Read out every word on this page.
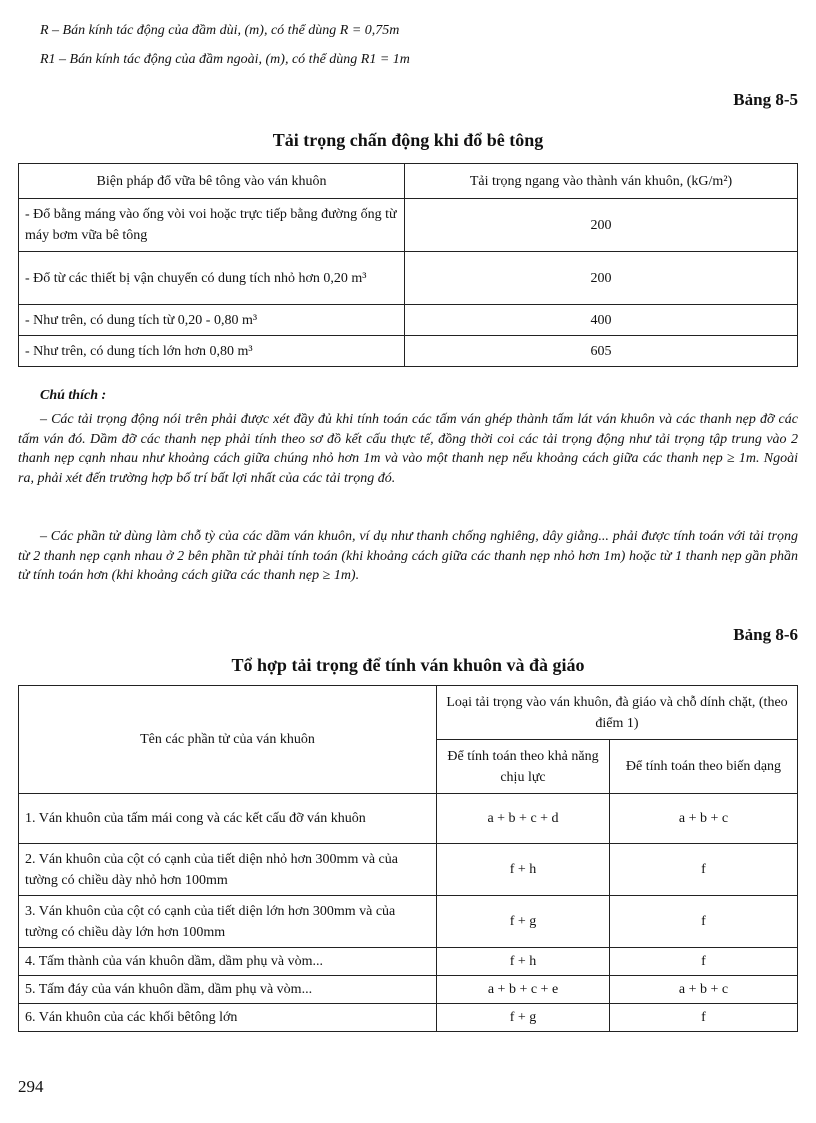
R – Bán kính tác động của đầm dùi, (m), có thể dùng R = 0,75m
R1 – Bán kính tác động của đầm ngoài, (m), có thể dùng R1 = 1m
Bảng 8-5
Tải trọng chấn động khi đổ bê tông
Biện pháp đổ vữa bê tông vào ván khuôn	Tải trọng ngang vào thành ván khuôn, (kG/m²)
- Đổ bằng máng vào ống vòi voi hoặc trực tiếp bằng đường ống từ máy bơm vữa bê tông	200
- Đổ từ các thiết bị vận chuyển có dung tích nhỏ hơn 0,20 m³	200
- Như trên, có dung tích từ 0,20 - 0,80 m³	400
- Như trên, có dung tích lớn hơn 0,80 m³	605
Chú thích :
– Các tải trọng động nói trên phải được xét đầy đủ khi tính toán các tấm ván ghép thành tấm lát ván khuôn và các thanh nẹp đỡ các tấm ván đó. Dầm đỡ các thanh nẹp phải tính theo sơ đồ kết cấu thực tế, đồng thời coi các tải trọng động như tải trọng tập trung vào 2 thanh nẹp cạnh nhau như khoảng cách giữa chúng nhỏ hơn 1m và vào một thanh nẹp nếu khoảng cách giữa các thanh nẹp ≥ 1m. Ngoài ra, phải xét đến trường hợp bố trí bất lợi nhất của các tải trọng đó.
– Các phần tử dùng làm chỗ tỳ của các dầm ván khuôn, ví dụ như thanh chống nghiêng, dây giằng... phải được tính toán với tải trọng từ 2 thanh nẹp cạnh nhau ở 2 bên phần tử phải tính toán (khi khoảng cách giữa các thanh nẹp nhỏ hơn 1m) hoặc từ 1 thanh nẹp gần phần tử tính toán hơn (khi khoảng cách giữa các thanh nẹp ≥ 1m).
Bảng 8-6
Tổ hợp tải trọng để tính ván khuôn và đà giáo
Tên các phần tử của ván khuôn	Loại tải trọng vào ván khuôn, đà giáo và chỗ dính chặt, (theo điểm 1)	
	Để tính toán theo khả năng chịu lực	Để tính toán theo biến dạng
1. Ván khuôn của tấm mái cong và các kết cấu đỡ ván khuôn	a + b + c + d	a + b + c
2. Ván khuôn của cột có cạnh của tiết diện nhỏ hơn 300mm và của tường có chiều dày nhỏ hơn 100mm	f + h	f
3. Ván khuôn của cột có cạnh của tiết diện lớn hơn 300mm và của tường có chiều dày lớn hơn 100mm	f + g	f
4. Tấm thành của ván khuôn dầm, dầm phụ và vòm...	f + h	f
5. Tấm đáy của ván khuôn dầm, dầm phụ và vòm...	a + b + c + e	a + b + c
6. Ván khuôn của các khối bêtông lớn	f + g	f
294
